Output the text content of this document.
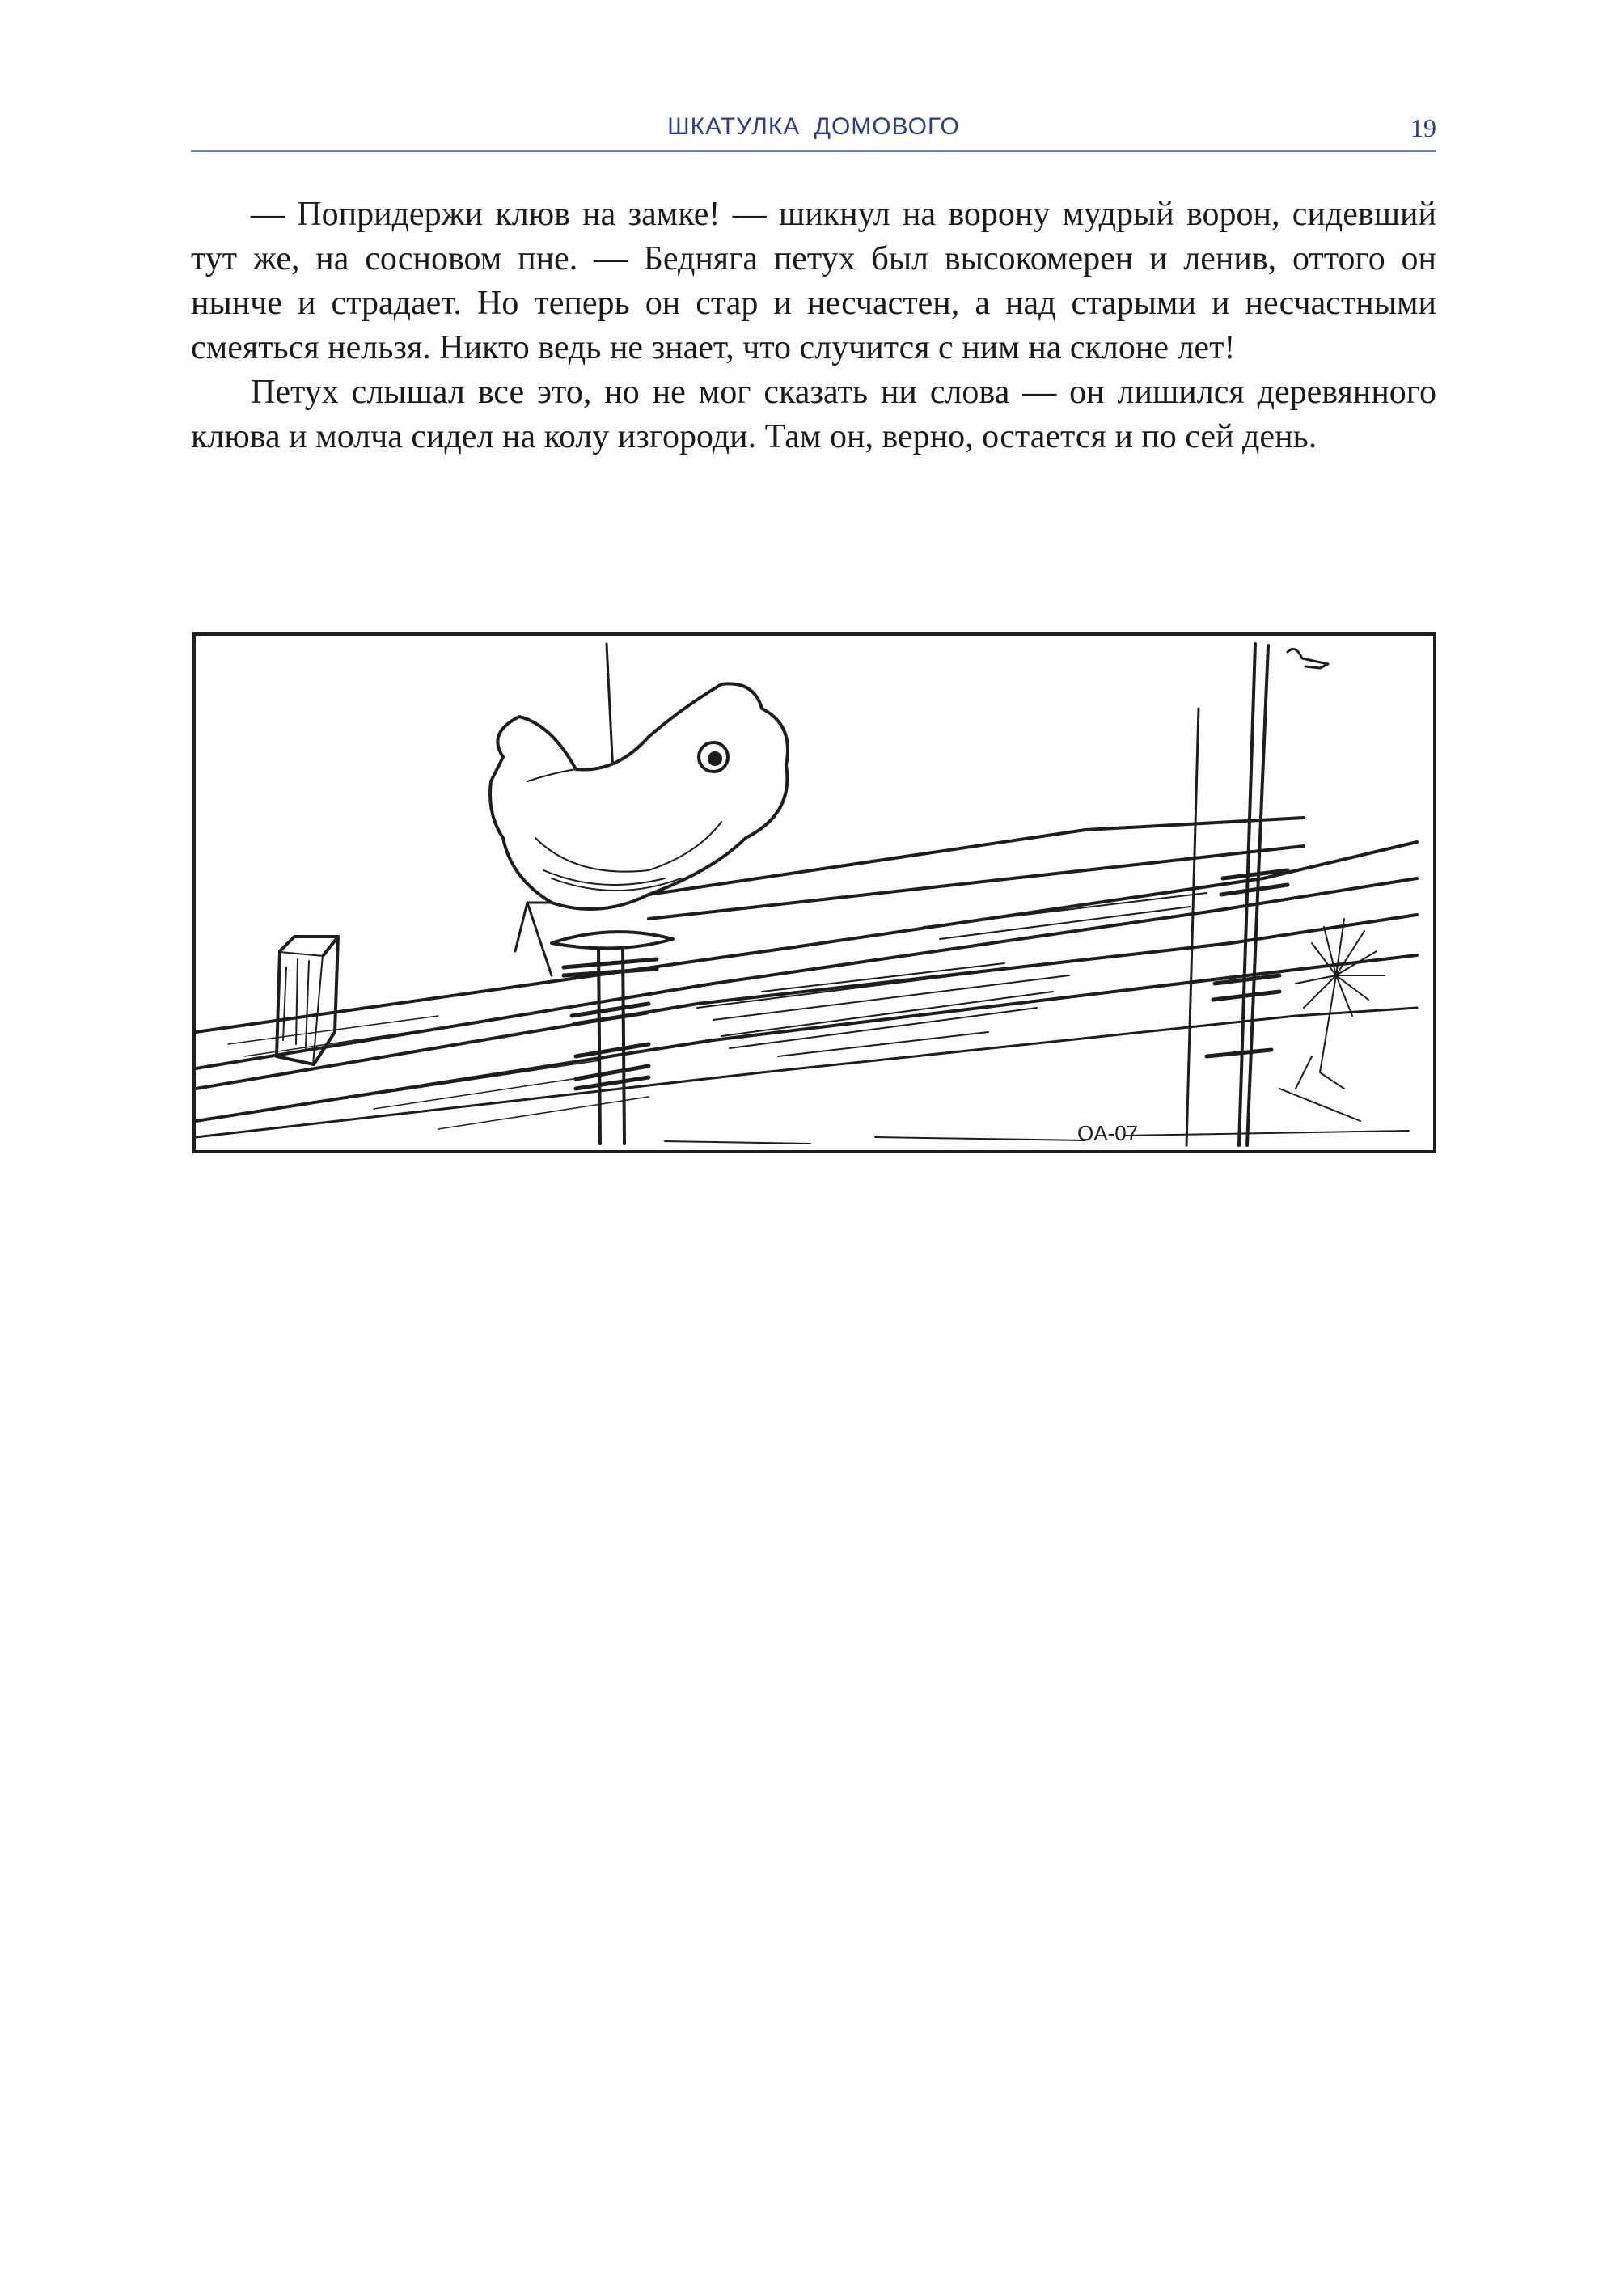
ШКАТУЛКА ДОМОВОГО	19

— Попридержи клюв на замке! — шикнул на ворону мудрый ворон, сидевший тут же, на сосновом пне. — Бедняга петух был высокомерен и ленив, оттого он нынче и страдает. Но теперь он стар и несчастен, а над старыми и несчастными смеяться нельзя. Никто ведь не знает, что случится с ним на склоне лет!

Петух слышал все это, но не мог сказать ни слова — он лишился деревянного клюва и молча сидел на колу изгороди. Там он, верно, остается и по сей день.

OA-07
